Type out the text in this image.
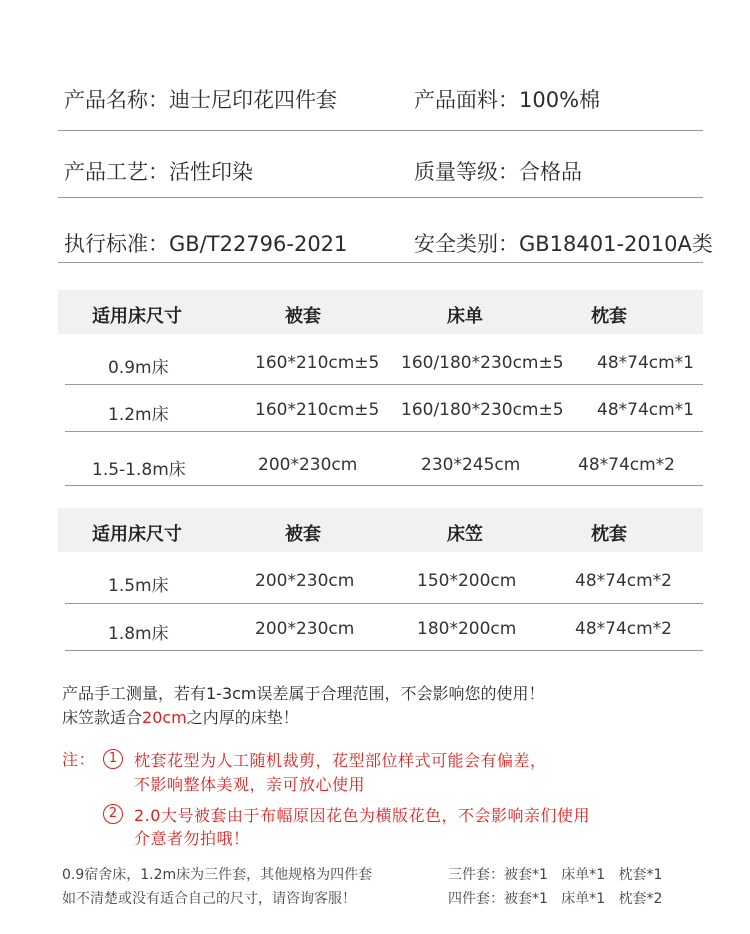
产品名称：迪士尼印花四件套	产品面料：100%棉
产品工艺：活性印染	质量等级：合格品
执行标准：GB/T22796-2021	安全类别：GB18401-2010A类
适用床尺寸	被套	床单	枕套
0.9m床	160*210cm±5 160/180*230cm±5 48*74cm*1
1.2m床	160*210cm±5 160/180*230cm±5 48*74cm*1
1.5-1.8m床	200*230cm	230*245cm	48*74cm*2
适用床尺寸	被套	床笠	枕套
1.5m床	200*230cm	150*200cm	48*74cm*2
1.8m床	200*230cm	180*200cm	48*74cm*2
产品手工测量，若有1-3cm误差属于合理范围，不会影响您的使用！
床笠款适合20cm之内厚的床垫！
注：	1	枕套花型为人工随机裁剪，花型部位样式可能会有偏差，
不影响整体美观，亲可放心使用
2	2.0大号被套由于布幅原因花色为横版花色，不会影响亲们使用
介意者勿拍哦！
0.9宿舍床，1.2m床为三件套，其他规格为四件套
如不清楚或没有适合自己的尺寸，请咨询客服！
三件套：被套*1   床单*1   枕套*1
四件套：被套*1   床单*1   枕套*2
